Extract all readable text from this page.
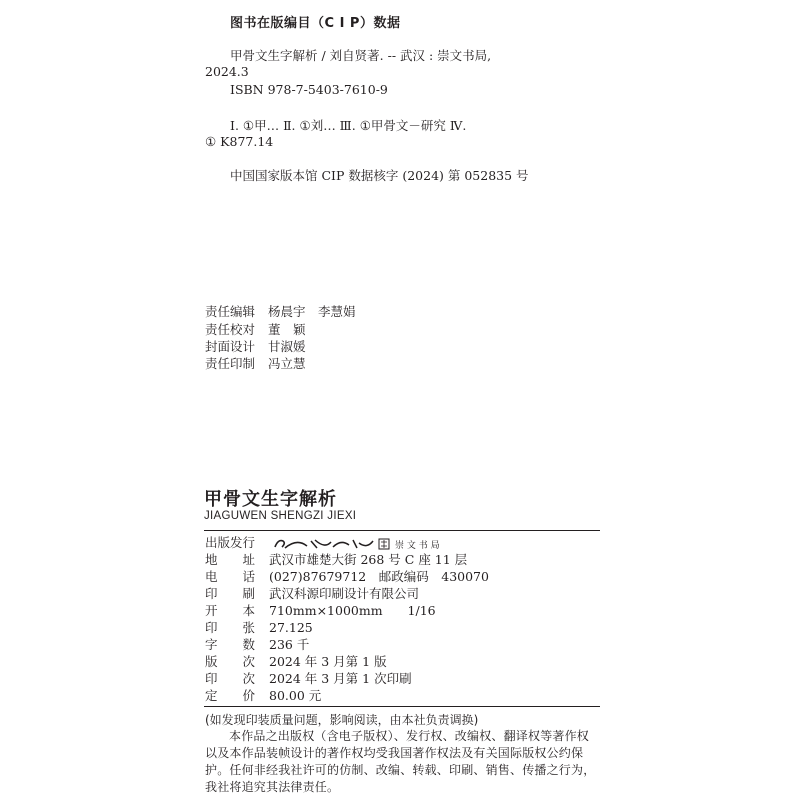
图书在版编目（C I P）数据
甲骨文生字解析 / 刘自贤著. -- 武汉 : 崇文书局,
2024.3
ISBN 978-7-5403-7610-9
Ⅰ. ①甲… Ⅱ. ①刘… Ⅲ. ①甲骨文－研究 Ⅳ.
① K877.14
中国国家版本馆 CIP 数据核字 (2024) 第 052835 号
责任编辑 杨晨宇　李慧娟
责任校对 董　颖
封面设计 甘淑媛
责任印制 冯立慧
甲骨文生字解析
JIAGUWEN SHENGZI JIEXI
出版发行	崇 文 书 局
地　　址 武汉市雄楚大街 268 号 C 座 11 层
电　　话 (027)87679712　邮政编码　430070
印　　刷 武汉科源印刷设计有限公司
开　　本 710mm×1000mm　　1/16
印　　张 27.125
字　　数 236 千
版　　次 2024 年 3 月第 1 版
印　　次 2024 年 3 月第 1 次印刷
定　　价 80.00 元
(如发现印装质量问题，影响阅读，由本社负责调换)
本作品之出版权（含电子版权）、发行权、改编权、翻译权等著作权以及本作品装帧设计的著作权均受我国著作权法及有关国际版权公约保护。任何非经我社许可的仿制、改编、转载、印刷、销售、传播之行为，我社将追究其法律责任。
